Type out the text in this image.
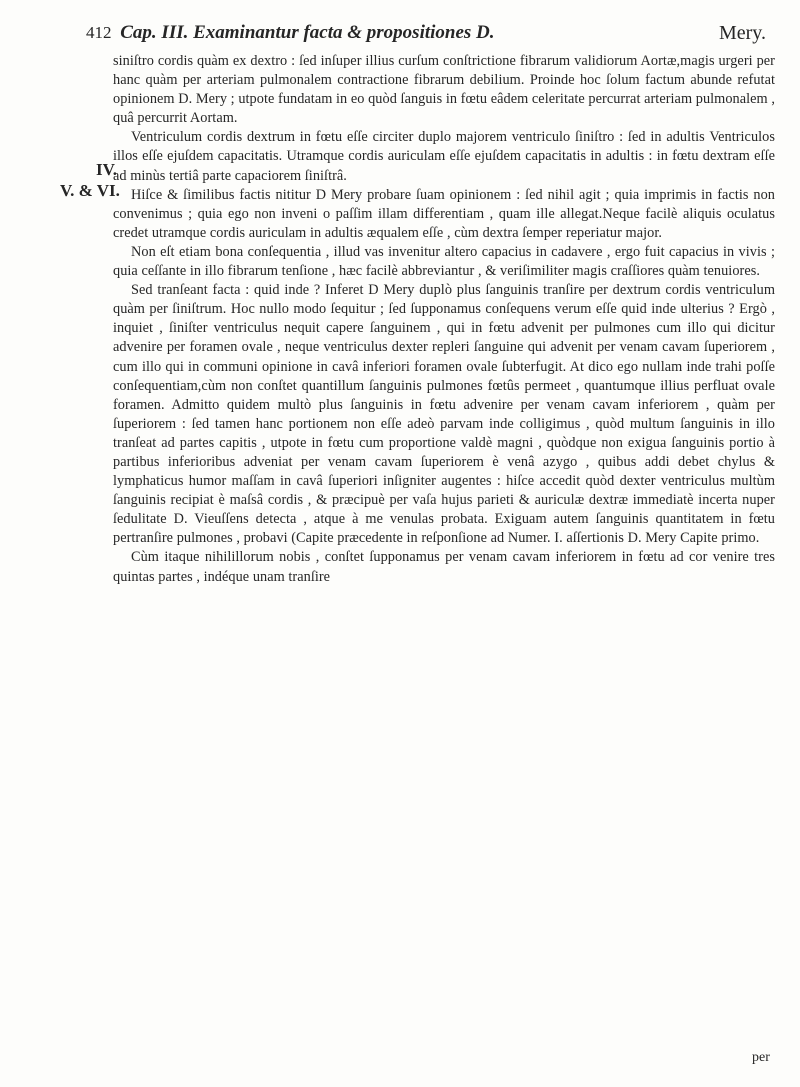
412 Cap. III. Examinantur facta & propositiones D.	Mery.
IV.
V. & VI.

siniſtro cordis quàm ex dextro : ſed inſuper illius curſum conſtrictione fibrarum validiorum Aortæ,magis urgeri per hanc quàm per arteriam pulmonalem contractione fibrarum debilium. Proinde hoc ſolum factum abunde refutat opinionem D. Mery ; utpote fundatam in eo quòd ſanguis in fœtu eâdem celeritate percurrat arteriam pulmonalem , quâ percurrit Aortam.

Ventriculum cordis dextrum in fœtu eſſe circiter duplo majorem ventriculo ſiniſtro : ſed in adultis Ventriculos illos eſſe ejuſdem capacitatis. Utramque cordis auriculam eſſe ejuſdem capacitatis in adultis : in fœtu dextram eſſe ad minùs tertiâ parte capaciorem ſiniſtrâ.

Hiſce & ſimilibus factis nititur D Mery probare ſuam opinionem : ſed nihil agit ; quia imprimis in factis non convenimus ; quia ego non inveni o paſſim illam differentiam , quam ille allegat.Neque facilè aliquis oculatus credet utramque cordis auriculam in adultis æqualem eſſe , cùm dextra ſemper reperiatur major.

Non eſt etiam bona conſequentia , illud vas invenitur altero capacius in cadavere , ergo fuit capacius in vivis ; quia ceſſante in illo fibrarum tenſione , hæc facilè abbreviantur , & veriſimiliter magis craſſiores quàm tenuiores.

Sed tranſeant facta : quid inde ? Inferet D Mery duplò plus ſanguinis tranſire per dextrum cordis ventriculum quàm per ſiniſtrum. Hoc nullo modo ſequitur ; ſed ſupponamus conſequens verum eſſe quid inde ulterius ? Ergò , inquiet , ſiniſter ventriculus nequit capere ſanguinem , qui in fœtu advenit per pulmones cum illo qui dicitur advenire per foramen ovale , neque ventriculus dexter repleri ſanguine qui advenit per venam cavam ſuperiorem , cum illo qui in communi opinione in cavâ inferiori foramen ovale ſubterfugit. At dico ego nullam inde trahi poſſe conſequentiam,cùm non conſtet quantillum ſanguinis pulmones fœtûs permeet , quantumque illius perfluat ovale foramen. Admitto quidem multò plus ſanguinis in fœtu advenire per venam cavam inferiorem , quàm per ſuperiorem : ſed tamen hanc portionem non eſſe adeò parvam inde colligimus , quòd multum ſanguinis in illo tranſeat ad partes capitis , utpote in fœtu cum proportione valdè magni , quòdque non exigua ſanguinis portio à partibus inferioribus adveniat per venam cavam ſuperiorem è venâ azygo , quibus addi debet chylus & lymphaticus humor maſſam in cavâ ſuperiori inſigniter augentes : hiſce accedit quòd dexter ventriculus multùm ſanguinis recipiat è maſsâ cordis , & præcipuè per vaſa hujus parieti & auriculæ dextræ immediatè incerta nuper ſedulitate D. Vieuſſens detecta , atque à me venulas probata. Exiguam autem ſanguinis quantitatem in fœtu pertranſire pulmones , probavi (Capite præcedente in reſponſione ad Numer. I. aſſertionis D. Mery Capite primo.

Cùm itaque nihilillorum nobis , conſtet ſupponamus per venam cavam inferiorem in fœtu ad cor venire tres quintas partes , indéque unam tranſire

per
